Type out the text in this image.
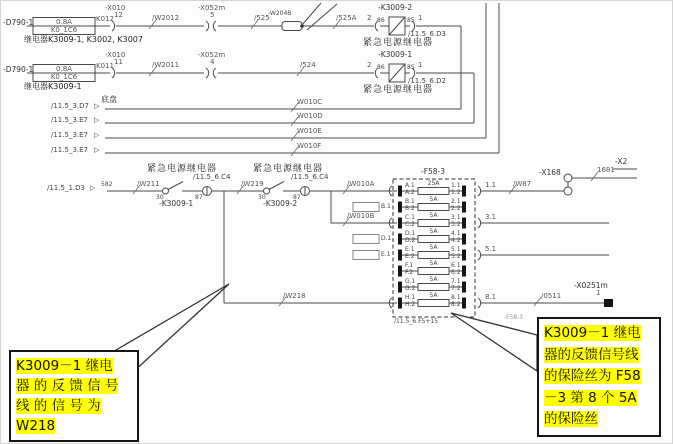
-D790-1	0.8A
K0_1C6
继电器K3009-1, K3002, K3007
K012
-X010
12	/W2012
-X052m
5	/525
-W204B
/525A 2
-K3009-2
86	85 1
/11.5_6.D3
紧急电源继电器
-D790-1	0.8A
K0_1C6
继电器K3009-1
K011
-X010
11	/W2011
-X052m
4	/524	2
-K3009-1
86	85 1
/11.5_6.D2
紧急电源继电器
底盘
/11.5_3.D7 ▷	W010C
/11.5_3.E7 ▷	W010D
/11.5_3.E7 ▷	W010E
/11.5_3.E7 ▷	W010F
/11.5_1.D3 ▷ 582	/W211
30
-K3009-1
87
/11.5_6.C4
紧急电源继电器
/W219
30
-K3009-2
87
/11.5_6.C4
紧急电源继电器
/W010A
/W010B
/W218
-F58-3
/11.5_6.F5+15
-F58.3
/W87
-X168	1681
-X2
/0511
-X0251m
1
K3009－1 继电
器 的 反 馈 信 号
线 的 信 号 为
W218
K3009－1 继电
器的反馈信号线
的保险丝为 F58
－3 第 8 个 5A
的保险丝
A.1
A.2
25A	1.1
1.2
1.1
B.1
B.2
5A	2.1
2.2
B.1
C.1
C.2
5A	3.1
3.2
3.1
D.1
D.2
5A	4.1
4.2
D.1
E.1
E.2
5A	5.1
5.2
E.1
5.1
F.1
F.2
5A	6.1
6.2
G.1
G.2
5A	7.1
7.2
H.1
H.2
5A	8.1
8.2
8.1
